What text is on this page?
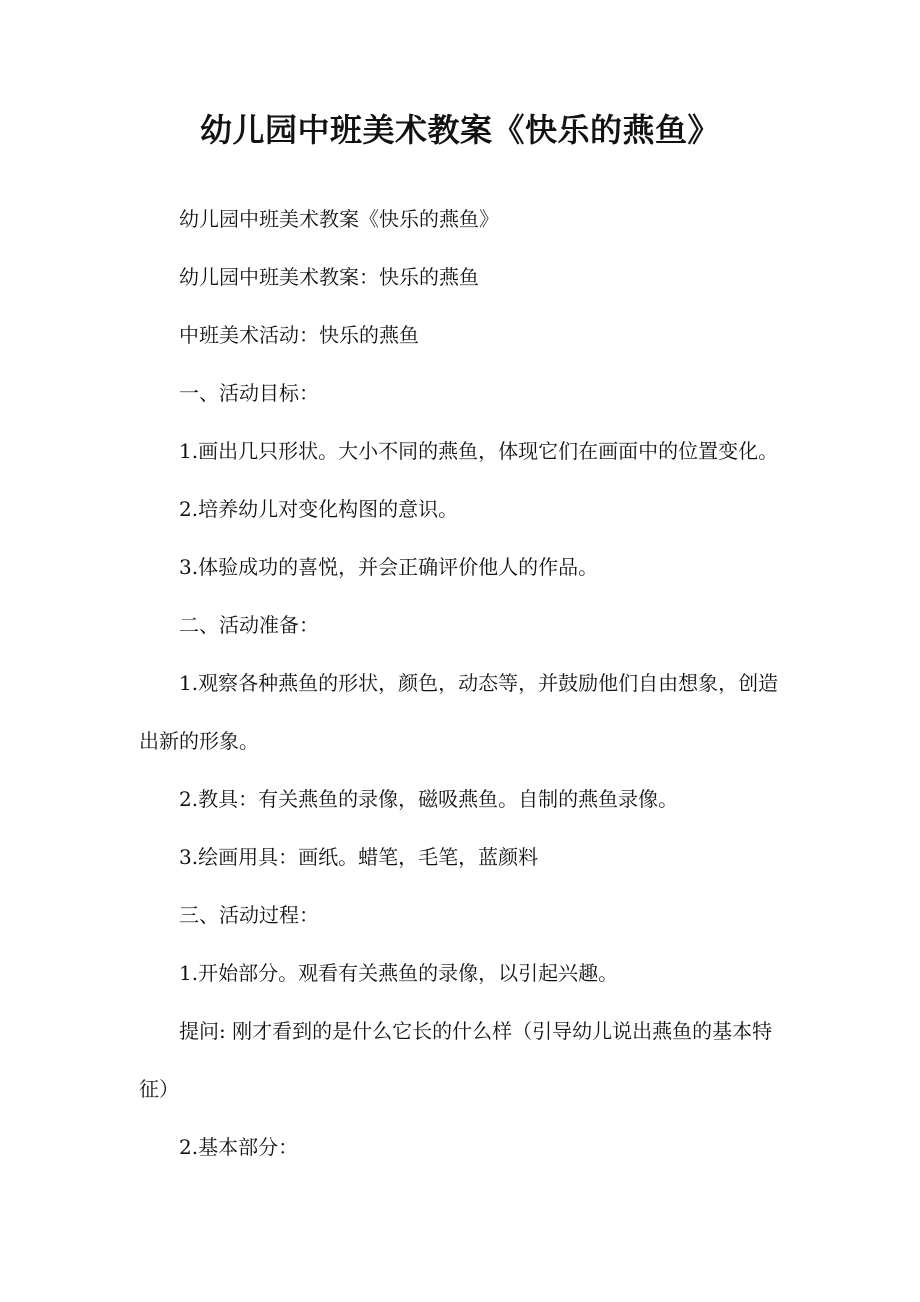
幼儿园中班美术教案《快乐的燕鱼》

幼儿园中班美术教案《快乐的燕鱼》

幼儿园中班美术教案：快乐的燕鱼

中班美术活动：快乐的燕鱼

一、活动目标：

1.画出几只形状。大小不同的燕鱼，体现它们在画面中的位置变化。

2.培养幼儿对变化构图的意识。

3.体验成功的喜悦，并会正确评价他人的作品。

二、活动准备：

1.观察各种燕鱼的形状，颜色，动态等，并鼓励他们自由想象，创造出新的形象。

2.教具：有关燕鱼的录像，磁吸燕鱼。自制的燕鱼录像。

3.绘画用具：画纸。蜡笔，毛笔，蓝颜料

三、活动过程：

1.开始部分。观看有关燕鱼的录像，以引起兴趣。

提问: 刚才看到的是什么它长的什么样（引导幼儿说出燕鱼的基本特征）

2.基本部分：
